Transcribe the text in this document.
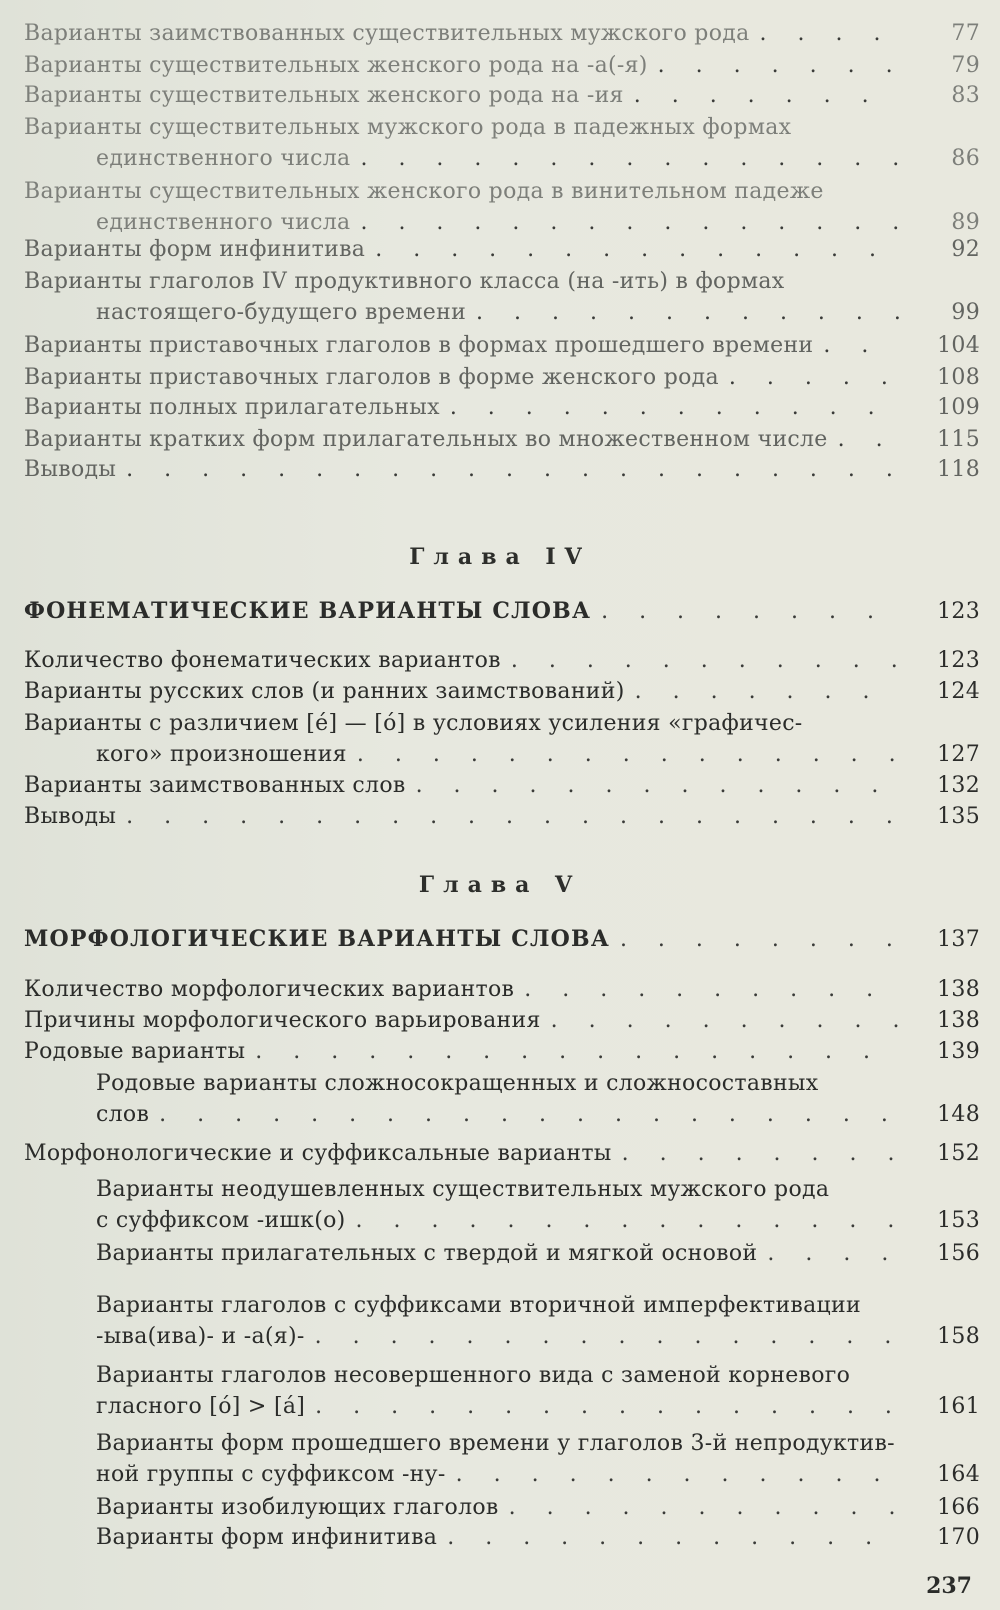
Варианты заимствованных существительных мужского рода . . .	77
Варианты существительных женского рода на -а(-я) . . .	79
Варианты существительных женского рода на -ия . . .	83
Варианты существительных мужского рода в падежных формах
единственного числа . . .	86
Варианты существительных женского рода в винительном падеже
единственного числа . . .	89
Варианты форм инфинитива . . .	92
Варианты глаголов IV продуктивного класса (на -ить) в формах
настоящего-будущего времени . . .	99
Варианты приставочных глаголов в формах прошедшего времени . . .	104
Варианты приставочных глаголов в форме женского рода . . .	108
Варианты полных прилагательных . . .	109
Варианты кратких форм прилагательных во множественном числе . . .	115
Выводы . . .	118
Глава IV
ФОНЕМАТИЧЕСКИЕ ВАРИАНТЫ СЛОВА . . .	123
Количество фонематических вариантов . . .	123
Варианты русских слов (и ранних заимствований) . . .	124
Варианты с различием [é] — [ó] в условиях усиления «графичес-
кого» произношения . . .	127
Варианты заимствованных слов . . .	132
Выводы . . .	135
Глава V
МОРФОЛОГИЧЕСКИЕ ВАРИАНТЫ СЛОВА . . .	137
Количество морфологических вариантов . . .	138
Причины морфологического варьирования . . .	138
Родовые варианты . . .	139
Родовые варианты сложносокращенных и сложносоставных
слов . . .	148
Морфонологические и суффиксальные варианты . . .	152
Варианты неодушевленных существительных мужского рода
с суффиксом -ишк(о) . . .	153
Варианты прилагательных с твердой и мягкой основой . . .	156
Варианты глаголов с суффиксами вторичной имперфективации
-ыва(ива)- и -а(я)- . . .	158
Варианты глаголов несовершенного вида с заменой корневого
гласного [ó] > [á] . . .	161
Варианты форм прошедшего времени у глаголов 3-й непродуктив-
ной группы с суффиксом -ну- . . .	164
Варианты изобилующих глаголов . . .	166
Варианты форм инфинитива . . .	170
237
